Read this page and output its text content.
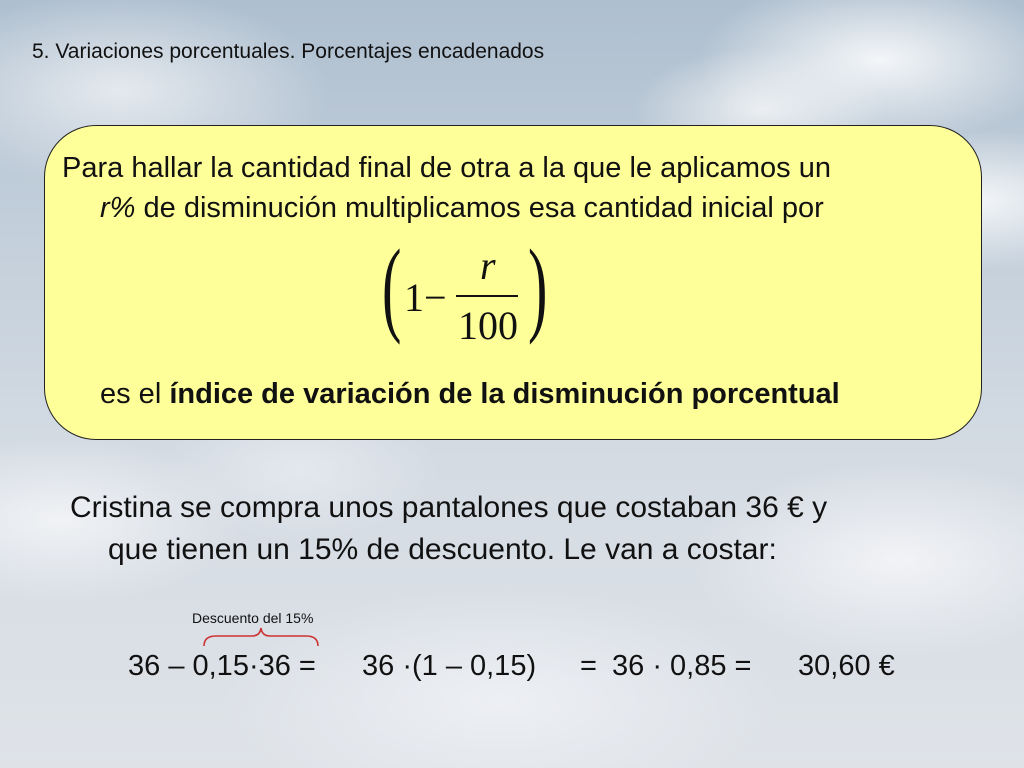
5. Variaciones porcentuales. Porcentajes encadenados
Para hallar la cantidad final de otra a la que le aplicamos un
r% de disminución multiplicamos esa cantidad inicial por
( 1−
r
100 )
es el índice de variación de la disminución porcentual
Cristina se compra unos pantalones que costaban 36 € y
que tienen un 15% de descuento. Le van a costar:
Descuento del 15%
36 – 0,15·36 = 36 ·(1 – 0,15) = 36 · 0,85 = 30,60 €
